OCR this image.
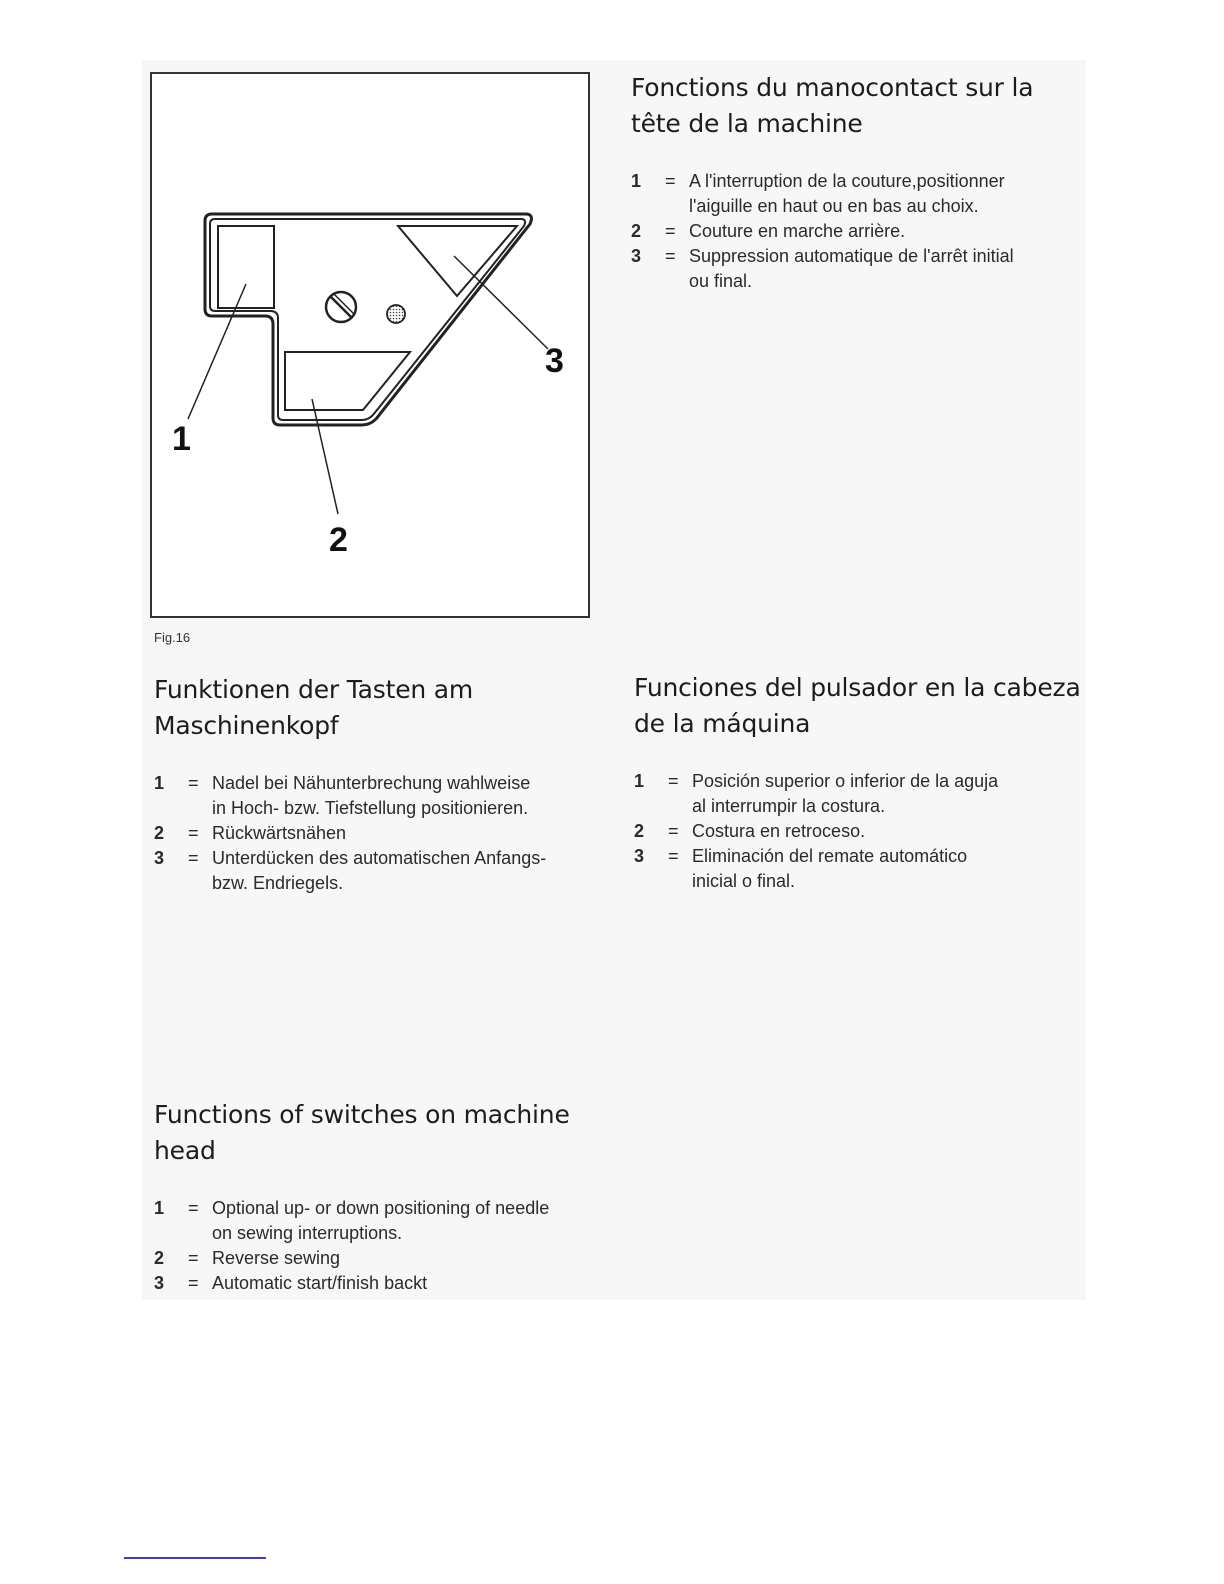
1
2
3
Fig.16
Fonctions du manocontact sur la
tête de la machine
1	= A l'interruption de la couture,positionner
l'aiguille en haut ou en bas au choix.
2	= Couture en marche arrière.
3	= Suppression automatique de l'arrêt initial
ou final.
Funktionen der Tasten am
Maschinenkopf
1	= Nadel bei Nähunterbrechung wahlweise
in Hoch- bzw. Tiefstellung positionieren.
2	= Rückwärtsnähen
3	= Unterdücken des automatischen Anfangs-
bzw. Endriegels.
Funciones del pulsador en la cabeza
de la máquina
1	= Posición superior o inferior de la aguja
al interrumpir la costura.
2	= Costura en retroceso.
3	= Eliminación del remate automático
inicial o final.
Functions of switches on machine
head
1	= Optional up- or down positioning of needle
on sewing interruptions.
2	= Reverse sewing
3	= Automatic start/finish backt
